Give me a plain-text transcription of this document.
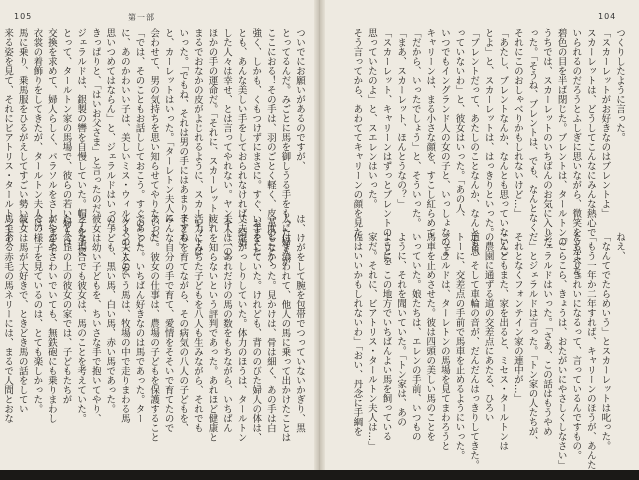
105	第一部	104
ついでにお願いがあるのですが、
とってるんだ。みごとに馬を御しうる手をもった婦人が
ここにおる！その手は、羽のごとく軽く、皮革のごとく
強く、しかも、くもつけずにまさに。すぐ、おまえた
とも、あんな美しい手をしておられなければ、結婚
した人々は幸せ、とは言ってやれない。ヤンキー〔の〕
ほかの手の運命だ。「それに、スカーレット…」
まるでおなかの皮がよじれるように、スカーレットは
いった。「でもね、それは男の手にはあまりますね」
と、カーレットはいった。「ターレトン夫人に
会わせて、男の気持ちを思い知らせてやりたいわ」
「では、そのこともお話ししておこう。すぐのこと
に、あのかわいい子は、美しいミス・ウィルクスのことを
思いつめてはならん」と、ジェラルドはいった。
きっぱりと、「はいお父さま」と言ったのだ。
ジェラルドは、銀製の轡を自慢していた。帽子を手に
とって、タールトン家の馬場で、彼らの若い婦人は、
交換を求めて、婦人らしく、パラソルをさしたままで
衣裳の着飾りをしてきたが、タールトン夫人は、
馬に乗り、乗馬服をひるがえしてすごい勢いで
来る姿を見て、それにビアトリス・タールトン夫人
は、けがをして腕を包帯でつっていないかぎり、黒
人に付き添われて、他人の馬に乗って出かけたことは
一度もなかった。見かけは、骨は細く、あの手は白
い手をしていた。けれども、背ののびた婦人の体は、
丈夫でがっしりしていた。体力のほうは、タールトン
夫人は、あれだけの馬の数をもちながら、いちばん
疲れを知らないという評判であった。あれほど健康と
活力にみちた子どもを八人も生みながら、それでも
子どもを育てながら、その病気の八人の子どもを、
みんな自分の手で育て、愛情をそそいで育てたので
あった。彼女の仕事は、農場の子どもを保護すること
であった。いちばん好きなのは馬であった。ター
ルトン夫人のいう馬は、牧場の中で走りまわる馬
の子ども、黒い馬、白い馬、赤い馬であった。
彼女は幼い子どもを、ちいさな手で抱いてやり、
どんな場合でも彼女は、馬のことを考えていた。
たとえ丘の上の彼女の家では、子どもたちが
がやがやさわいでいても、無鉄砲にも乗りまわし
その様子を見ているのは、とても楽しかった。
彼女は馬が大好きで、ときどき馬の話をしてい
馬である赤毛の馬ネリーには、まるで人間とおな
つくりしたように言った。
「スカーレットがお好きなのはブレントよ」
スカーレットは、どうしてこんなにみんな熱心で
いられるのだろうとふしぎに思いながら、微笑をうかべた。
碧色の目を半ば閉じた。ブレントは、タールトンの
うちでは、スカーレットのいちばんのお気に入りだ
った。「そうね、ブレントは、でも、なんとなく
それにこのおしゃべりかもしれないけど…」
「あたし、ブレントなんか、なんとも思っていないこ
とよ」と、スカーレットは、はっきりといった。
「ブレントだって、あたしのことなんか、なんとも思
っていないわ」と、彼女はいった。「あの人、
いつでもイングランド人の女の子と、いっしょなのよ」
キャリーンは、まる小さな顔を、すこし紅らめて
「だから、いったでしょう」と、そういった。
「まあ、スカーレット、ほんとうなの？」
「スカーレット、キャリーンはずっとブレントのことを
思っていたのよ」と、スエレンはいった。
そう言ってから、あわててキャリーンの顔を見た。	ねえ、
「なんてでたらめいう」とスカーレットは叱った。
「もう一年か二年すれば、キャリーンのほうが、あんた
たちよりきれいになるって、言っているんですもの。
「こらこら、きょうは、おたがいにやさしくしなさい」
ジェラルドはいった。「さあ、この話はもうやめ
だ」とジェラルドは言った。「トン家の人たちが、
それとなくフォンテイン家の連中が…」
こんどもまた、家を出ると、ミセス・タールトンは
の農園に通ずる道の交差点にあたる、ひろい
道を、そして車輪の音が、だんだんはっきりしてきた。
トーに、交差点の手前で馬車を止めるようにいった。
ジェラルドは、ターレトンの馬場を見てまわろうと
馬車を止めさせた。彼は四頭の美しい馬のことを
いっていた。娘たちは、エレンの手前、いつもの
ように、それを聞いていた。「トン家は、あの
ように、この地方でいちばんよい馬を飼っている
家だ。それに、ビアトリス・タールトン夫人は…」
佐はいいかもしれないわ」「おい、丹念に手綱を
